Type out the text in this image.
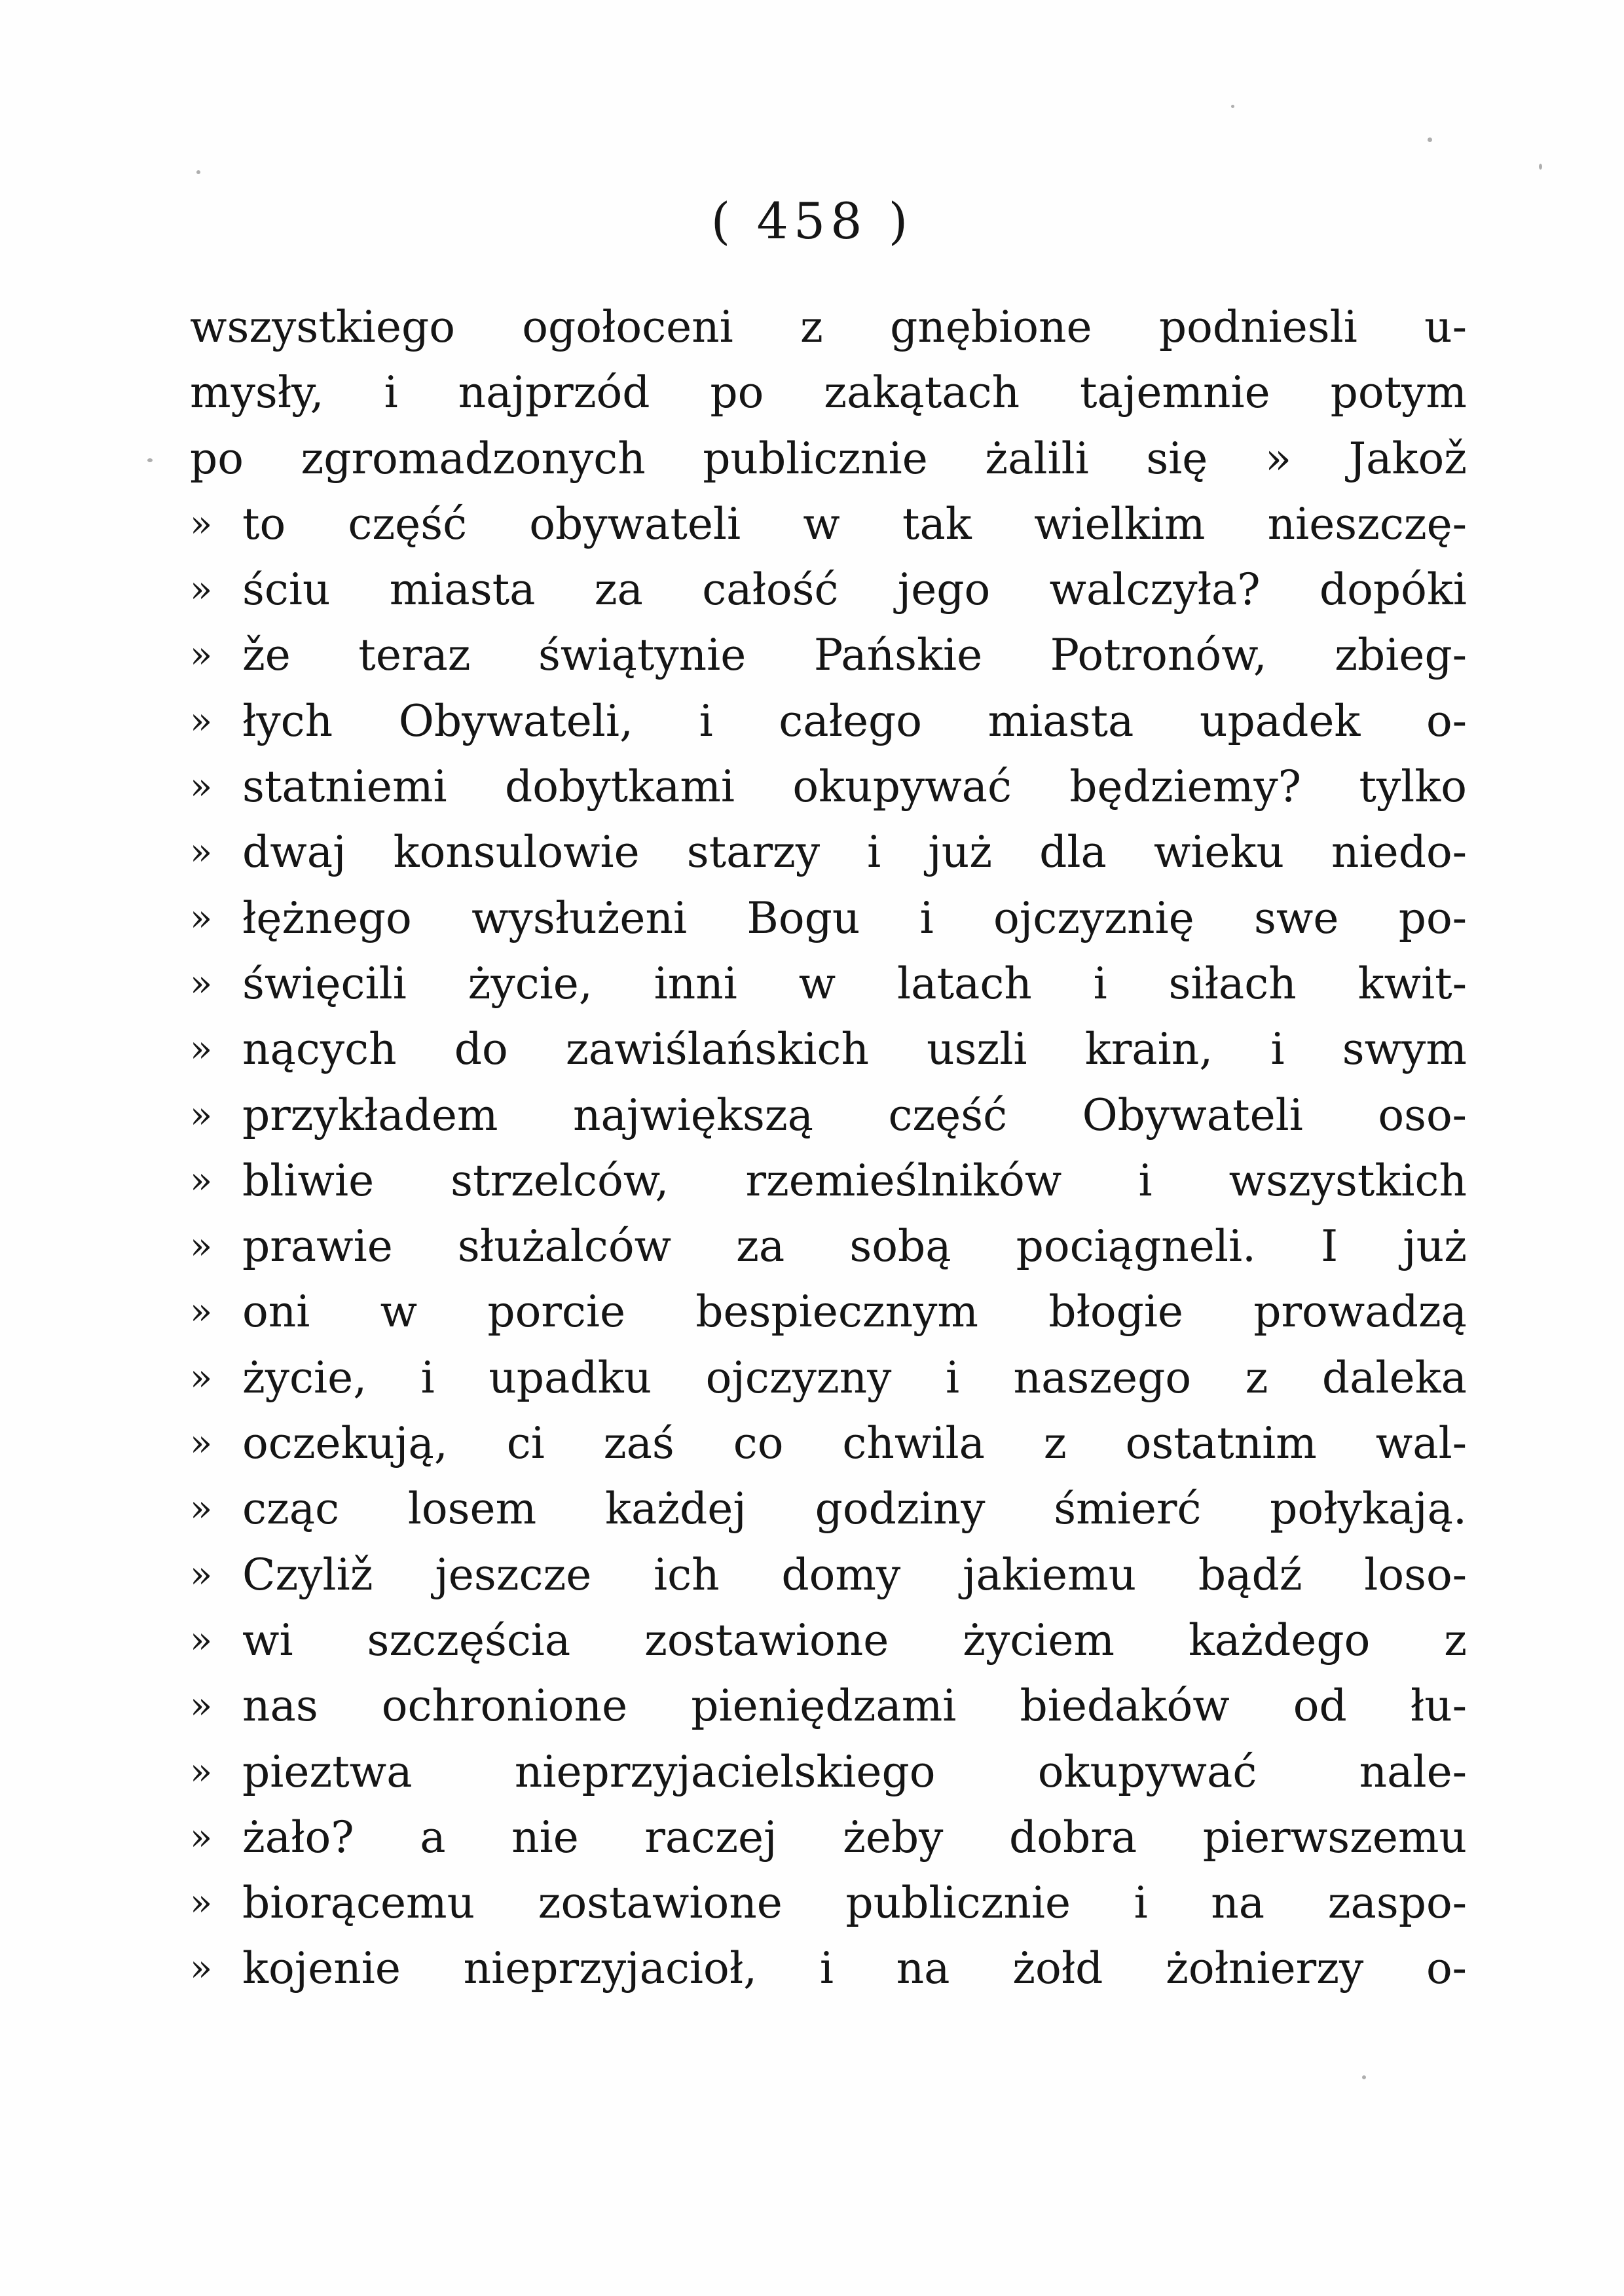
( 458 )
wszystkiego ogołoceni z gnębione podniesli u-
mysły, i najprzód po zakątach tajemnie potym
po zgromadzonych publicznie żalili się » Jakož
» to część obywateli w tak wielkim nieszczę-
» ściu miasta za całość jego walczyła? dopóki
» že teraz świątynie Pańskie Potronów, zbieg-
» łych Obywateli, i całego miasta upadek o-
» statniemi dobytkami okupywać będziemy? tylko
» dwaj konsulowie starzy i już dla wieku niedo-
» łężnego wysłużeni Bogu i ojczyznię swe po-
» święcili życie, inni w latach i siłach kwit-
» nących do zawiślańskich uszli krain, i swym
» przykładem największą część Obywateli oso-
» bliwie strzelców, rzemieślników i wszystkich
» prawie służalców za sobą pociągneli. I już
» oni w porcie bespiecznym błogie prowadzą
» życie, i upadku ojczyzny i naszego z daleka
» oczekują, ci zaś co chwila z ostatnim wal-
» cząc losem każdej godziny śmierć połykają.
» Czyliž jeszcze ich domy jakiemu bądź loso-
» wi szczęścia zostawione życiem każdego z
» nas ochronione pieniędzami biedaków od łu-
» pieztwa nieprzyjacielskiego okupywać nale-
» żało? a nie raczej żeby dobra pierwszemu
» biorącemu zostawione publicznie i na zaspo-
» kojenie nieprzyjacioł, i na żołd żołnierzy o-
